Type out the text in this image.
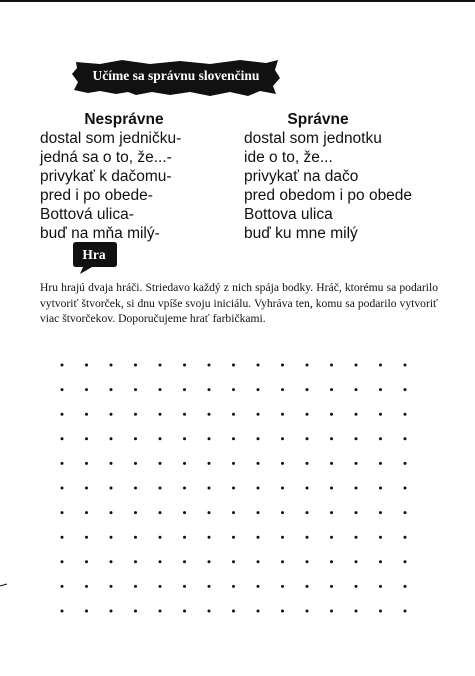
Učíme sa správnu slovenčinu
Nesprávne
dostal som jedničku-
jedná sa o to, že...-
privykať k dačomu-
pred i po obede-
Bottová ulica-
buď na mňa milý-
Správne
dostal som jednotku
ide o to, že...
privykať na dačo
pred obedom i po obede
Bottova ulica
buď ku mne milý
Hra
Hru hrajú dvaja hráči. Striedavo každý z nich spája bodky. Hráč, ktorému sa podarilo vytvoriť štvorček, si dnu vpíše svoju iniciálu. Vyhráva ten, komu sa podarilo vytvoriť viac štvorčekov. Doporučujeme hrať farbičkami.
